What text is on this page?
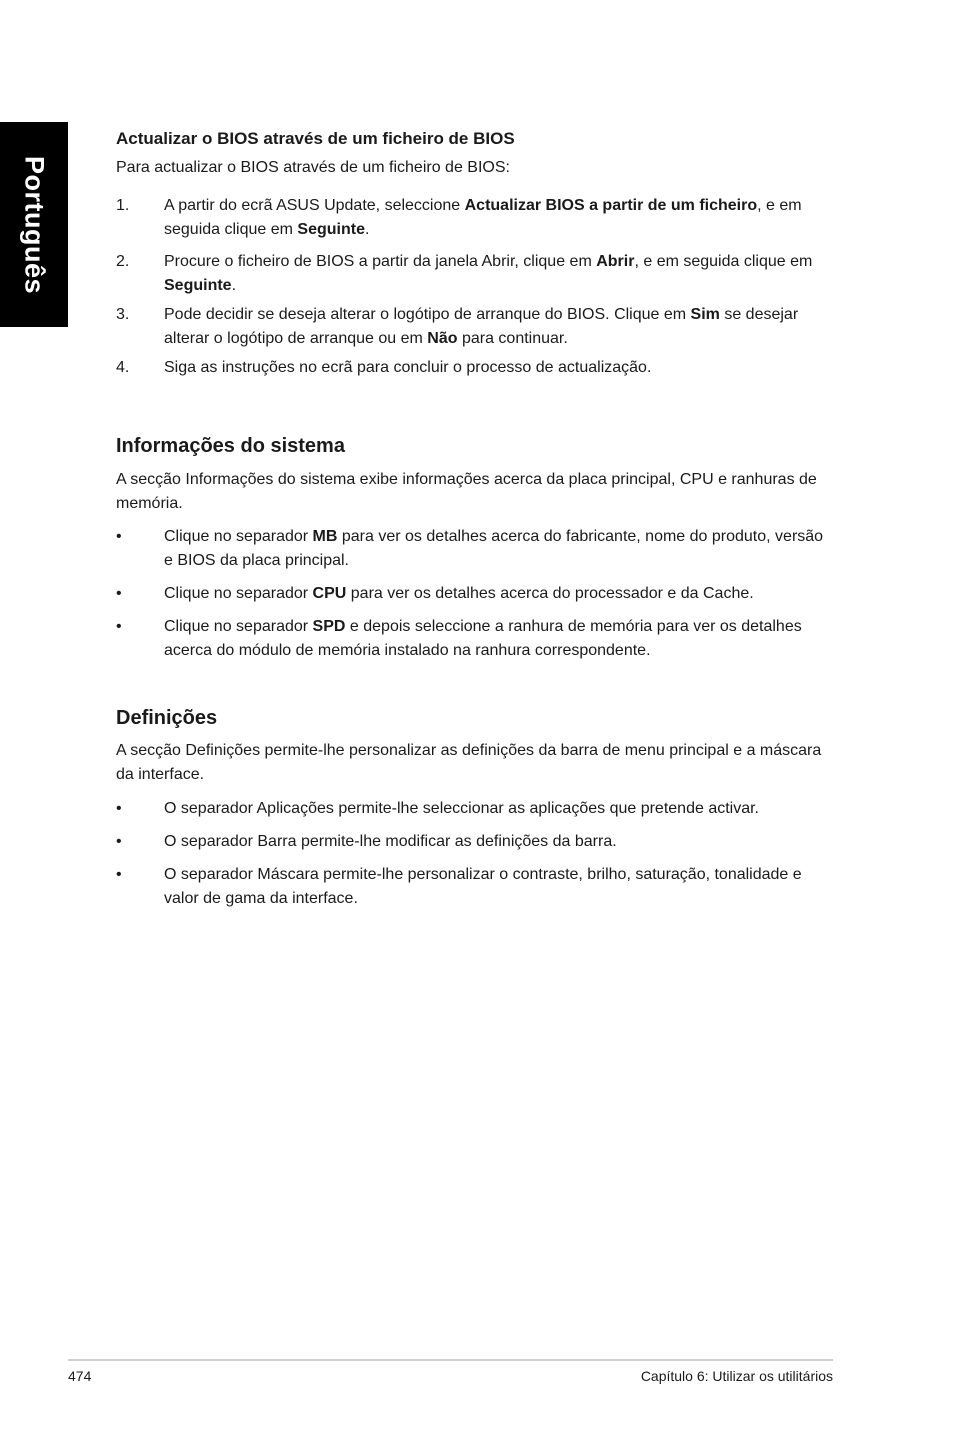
Português
Actualizar o BIOS através de um ficheiro de BIOS

Para actualizar o BIOS através de um ficheiro de BIOS:

1. A partir do ecrã ASUS Update, seleccione Actualizar BIOS a partir de um ficheiro, e em seguida clique em Seguinte.
2. Procure o ficheiro de BIOS a partir da janela Abrir, clique em Abrir, e em seguida clique em Seguinte.
3. Pode decidir se deseja alterar o logótipo de arranque do BIOS. Clique em Sim se desejar alterar o logótipo de arranque ou em Não para continuar.
4. Siga as instruções no ecrã para concluir o processo de actualização.
Informações do sistema

A secção Informações do sistema exibe informações acerca da placa principal, CPU e ranhuras de memória.

•	Clique no separador MB para ver os detalhes acerca do fabricante, nome do produto, versão e BIOS da placa principal.
•	Clique no separador CPU para ver os detalhes acerca do processador e da Cache.
•	Clique no separador SPD e depois seleccione a ranhura de memória para ver os detalhes acerca do módulo de memória instalado na ranhura correspondente.
Definições

A secção Definições permite-lhe personalizar as definições da barra de menu principal e a máscara da interface.

•	O separador Aplicações permite-lhe seleccionar as aplicações que pretende activar.
•	O separador Barra permite-lhe modificar as definições da barra.
•	O separador Máscara permite-lhe personalizar o contraste, brilho, saturação, tonalidade e valor de gama da interface.
474	Capítulo 6: Utilizar os utilitários
